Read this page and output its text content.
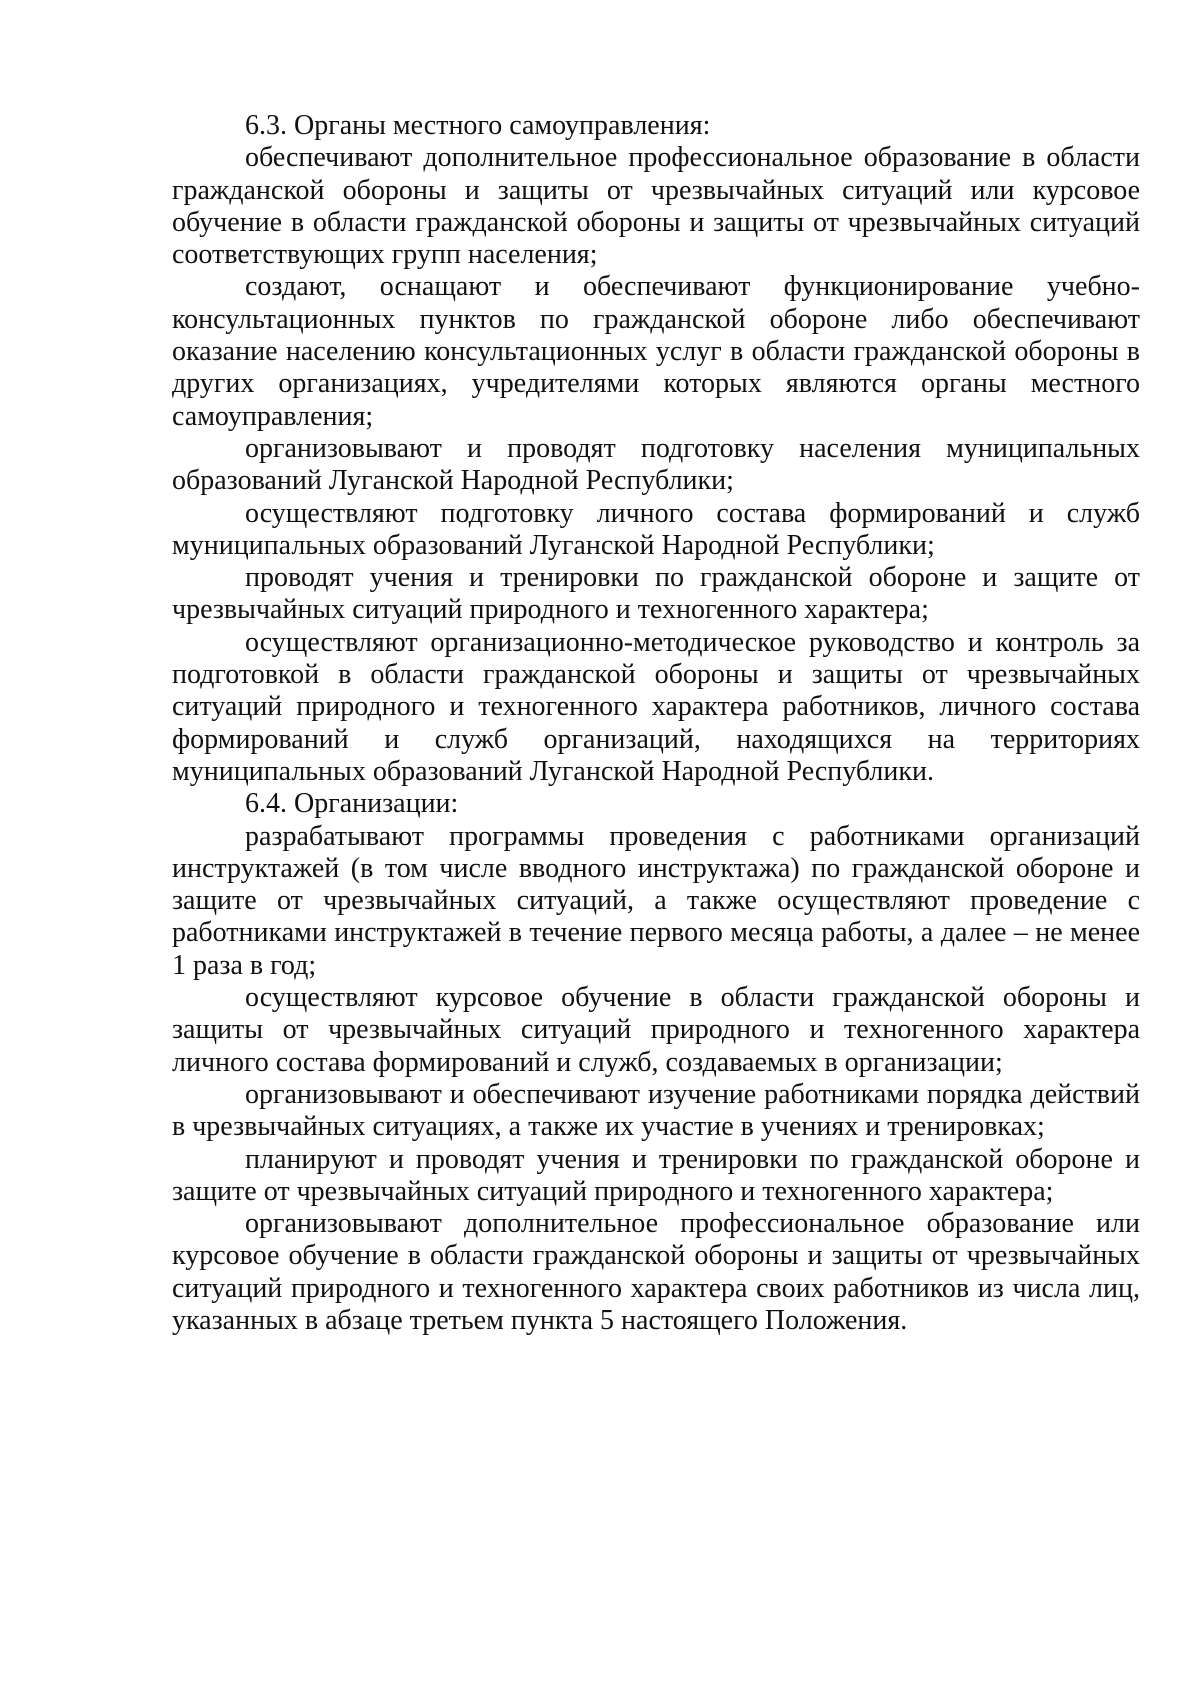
6.3. Органы местного самоуправления:

обеспечивают дополнительное профессиональное образование в области гражданской обороны и защиты от чрезвычайных ситуаций или курсовое обучение в области гражданской обороны и защиты от чрезвычайных ситуаций соответствующих групп населения;

создают, оснащают и обеспечивают функционирование учебно-консультационных пунктов по гражданской обороне либо обеспечивают оказание населению консультационных услуг в области гражданской обороны в других организациях, учредителями которых являются органы местного самоуправления;

организовывают и проводят подготовку населения муниципальных образований Луганской Народной Республики;

осуществляют подготовку личного состава формирований и служб муниципальных образований Луганской Народной Республики;

проводят учения и тренировки по гражданской обороне и защите от чрезвычайных ситуаций природного и техногенного характера;

осуществляют организационно-методическое руководство и контроль за подготовкой в области гражданской обороны и защиты от чрезвычайных ситуаций природного и техногенного характера работников, личного состава формирований и служб организаций, находящихся на территориях муниципальных образований Луганской Народной Республики.

6.4. Организации:

разрабатывают программы проведения с работниками организаций инструктажей (в том числе вводного инструктажа) по гражданской обороне и защите от чрезвычайных ситуаций, а также осуществляют проведение с работниками инструктажей в течение первого месяца работы, а далее – не менее 1 раза в год;

осуществляют курсовое обучение в области гражданской обороны и защиты от чрезвычайных ситуаций природного и техногенного характера личного состава формирований и служб, создаваемых в организации;

организовывают и обеспечивают изучение работниками порядка действий в чрезвычайных ситуациях, а также их участие в учениях и тренировках;

планируют и проводят учения и тренировки по гражданской обороне и защите от чрезвычайных ситуаций природного и техногенного характера;

организовывают дополнительное профессиональное образование или курсовое обучение в области гражданской обороны и защиты от чрезвычайных ситуаций природного и техногенного характера своих работников из числа лиц, указанных в абзаце третьем пункта 5 настоящего Положения.
